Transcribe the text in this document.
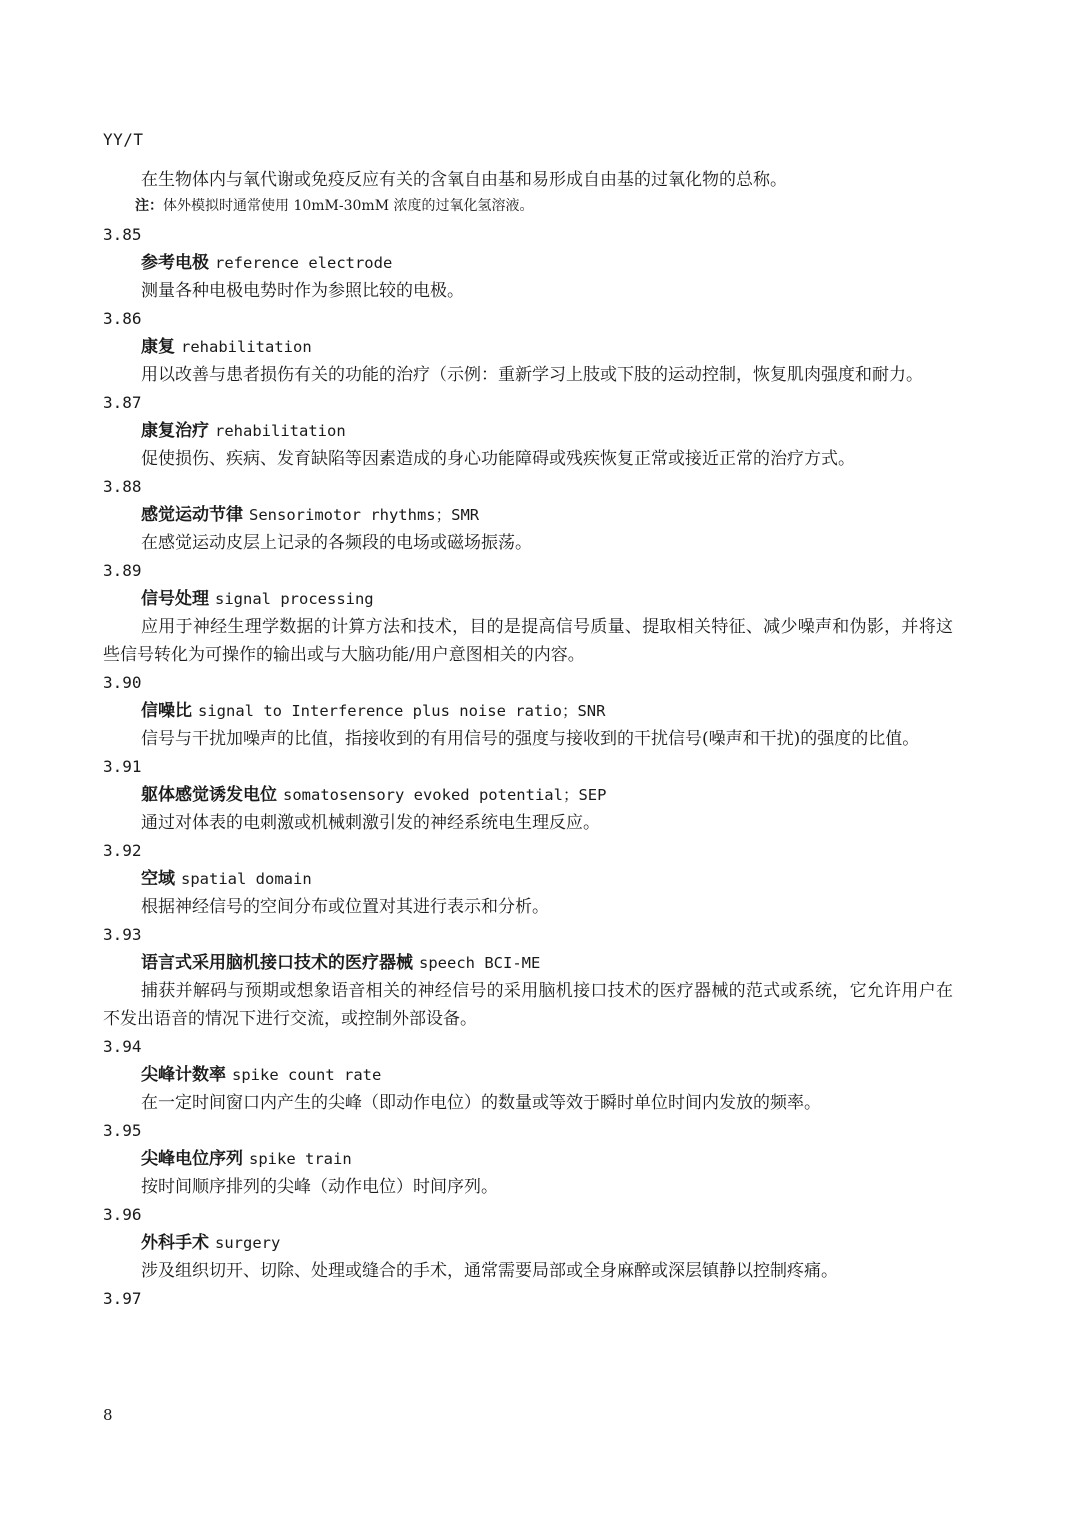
YY/T

在生物体内与氧代谢或免疫反应有关的含氧自由基和易形成自由基的过氧化物的总称。

注：体外模拟时通常使用 10mM-30mM 浓度的过氧化氢溶液。

3.85

参考电极 reference electrode

测量各种电极电势时作为参照比较的电极。

3.86

康复 rehabilitation

用以改善与患者损伤有关的功能的治疗（示例：重新学习上肢或下肢的运动控制，恢复肌肉强度和耐力。

3.87

康复治疗 rehabilitation

促使损伤、疾病、发育缺陷等因素造成的身心功能障碍或残疾恢复正常或接近正常的治疗方式。

3.88

感觉运动节律 Sensorimotor rhythms；SMR

在感觉运动皮层上记录的各频段的电场或磁场振荡。

3.89

信号处理 signal processing

应用于神经生理学数据的计算方法和技术，目的是提高信号质量、提取相关特征、减少噪声和伪影，并将这些信号转化为可操作的输出或与大脑功能/用户意图相关的内容。

3.90

信噪比 signal to Interference plus noise ratio；SNR

信号与干扰加噪声的比值，指接收到的有用信号的强度与接收到的干扰信号(噪声和干扰)的强度的比值。

3.91

躯体感觉诱发电位 somatosensory evoked potential；SEP

通过对体表的电刺激或机械刺激引发的神经系统电生理反应。

3.92

空域 spatial domain

根据神经信号的空间分布或位置对其进行表示和分析。

3.93

语言式采用脑机接口技术的医疗器械 speech BCI-ME

捕获并解码与预期或想象语音相关的神经信号的采用脑机接口技术的医疗器械的范式或系统，它允许用户在不发出语音的情况下进行交流，或控制外部设备。

3.94

尖峰计数率 spike count rate

在一定时间窗口内产生的尖峰（即动作电位）的数量或等效于瞬时单位时间内发放的频率。

3.95

尖峰电位序列 spike train

按时间顺序排列的尖峰（动作电位）时间序列。

3.96

外科手术 surgery

涉及组织切开、切除、处理或缝合的手术，通常需要局部或全身麻醉或深层镇静以控制疼痛。

3.97

8
